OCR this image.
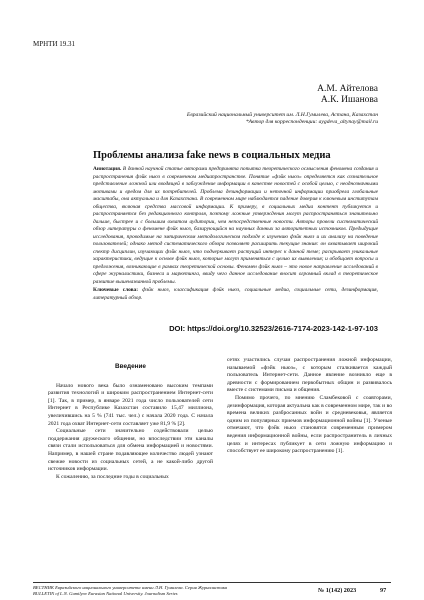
МРНТИ 19.31
А.М. Айтелова
А.К. Ишанова
Евразийский национальный университет им. Л.Н.Гумилева, Астана, Казахстан
*Автор для корреспонденции: aygdeva_altynay@mail.ru
Проблемы анализа fake news в социальных медиа
Аннотация. В данной научной статье авторами предпринята попытка теоретического осмысления феномена создания и распространения фэйк ньюз в современном медиапространстве. Понятие «фэйк ньюз» определяется как сознательное представление ложной или вводящей в заблуждение информации в качестве новостей с особой целью, с неоднозначными мотивами и вредом для их потребителей. Проблема дезинформации и неточной информации приобрела глобальные масштабы, она актуальна и для Казахстана. В современном мире наблюдается падение доверия к ключевым институтам общества, включая средства массовой информации. К примеру, в социальных медиа контент публикуется и распространяется без редакционного контроля, поэтому ложные утверждения могут распространяться значительно дальше, быстрее и с большим охватом аудитории, чем непосредственные новости. Авторы провели систематический обзор литературы о феномене фэйк ньюз, базирующийся на научных данных за авторитетных источников. Предыдущие исследования, проводимые на эмпирическом методологическом подходе к изучению фэйк ньюз и их анализу на поведение пользователей; однако метод систематического обзора позволяет расширить текущие знания: он охватывает широкий спектр дисциплин, изучающих фэйк ньюз, что подчеркивает растущий интерес к данной теме; раскрывает уникальные характеристики, ведущие к основе фэйк ньюз, которые могут применяться с целью их выявления; и обобщает вопросы и предложения, возникающие в рамках теоретической основы. Феномен фэйк ньюз – это новое направление исследований в сфере журналистики, бизнеса и маркетинга, ввиду чего данное исследование вносит огромный вклад в теоретическое развитие вышеназванной проблемы.
Ключевые слова: фэйк ньюз, классификация фэйк ньюз, социальные медиа, социальные сети, дезинформация, литературный обзор.
DOI: https://doi.org/10.32523/2616-7174-2023-142-1-97-103
Введение

Начало нового века было ознаменовано высоким темпами развития технологий и широким распространением Интернет-сети [1]. Так, в пример, в январе 2021 года число пользователей сети Интернет в Республике Казахстан составило 15,47 миллиона, увеличившись на 5 % (741 тыс. чел.) с начала 2020 года. С начала 2021 года охват Интернет-сети составляет уже 81,9 % [2].

Социальные сети значительно содействовали целью поддержания дружеского общения, но впоследствии эти каналы связи стали использоваться для обмена информацией и новостями. Например, в нашей стране подавляющее количество людей узнают свежие новости из социальных сетей, а не какой-либо другой источников информации.

К сожалению, за последние годы в социальных

сетях участились случаи распространения ложной информации, называемой «фэйк ньюз», с которым сталкивается каждый пользователь Интернет-сети. Данное явление возникло еще в древности с формированием первобытных общин и развивалось вместе с системами письма и общения.

Помимо прочего, по мнению Сламбековой с соавторами, дезинформация, которая актуальна как в современном мире, так и во времена великих разбросанных войн и средневековья, является одним из популярных приемов информационной войны [1]. Ученые отмечают, что фэйк ньюз становятся современным примером ведения информационной войны, если распространитель в личных целях и интересах публикует в сети ложную информацию и способствует ее широкому распространению [1].

ВЕСТНИК Евразийского национального университета имени Л.Н. Гумилева. Серия Журналистика
BULLETIN of L.N. Gumilyov Eurasian National University. Journalism Series	№ 1(142) 2023	97
